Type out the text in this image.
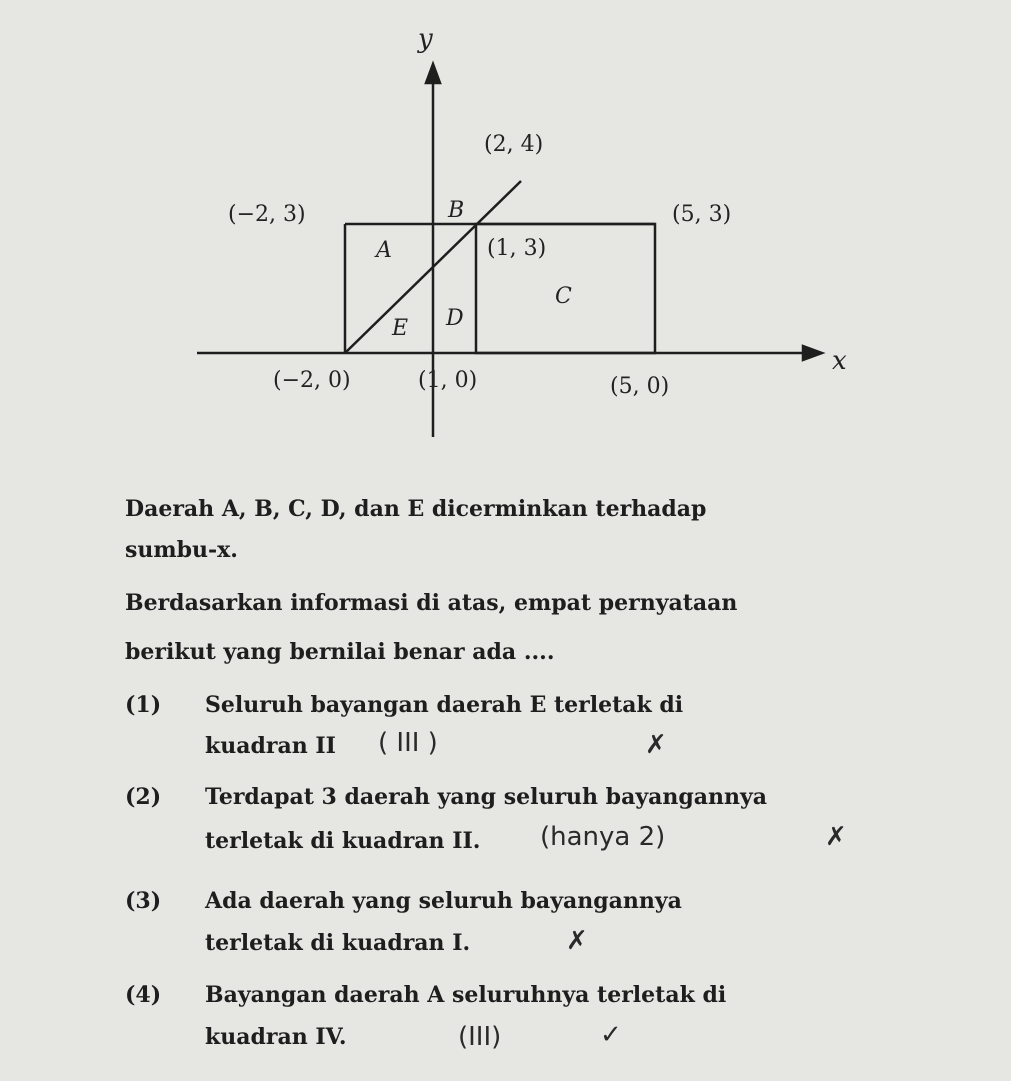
y
x
(2, 4)
(−2, 3)
(1, 3)
(5, 3)
(−2, 0)	(1, 0)	(5, 0)
B
A
C
D
E
Daerah A, B, C, D, dan E dicerminkan terhadap
sumbu-x.
Berdasarkan informasi di atas, empat pernyataan
berikut yang bernilai benar ada ....
(1) Seluruh bayangan daerah E terletak di
kuadran II
(2) Terdapat 3 daerah yang seluruh bayangannya
terletak di kuadran II.
(3) Ada daerah yang seluruh bayangannya
terletak di kuadran I.
(4) Bayangan daerah A seluruhnya terletak di
kuadran IV.
( III )	✗
(hanya 2)	✗
✗
(III)	✓
